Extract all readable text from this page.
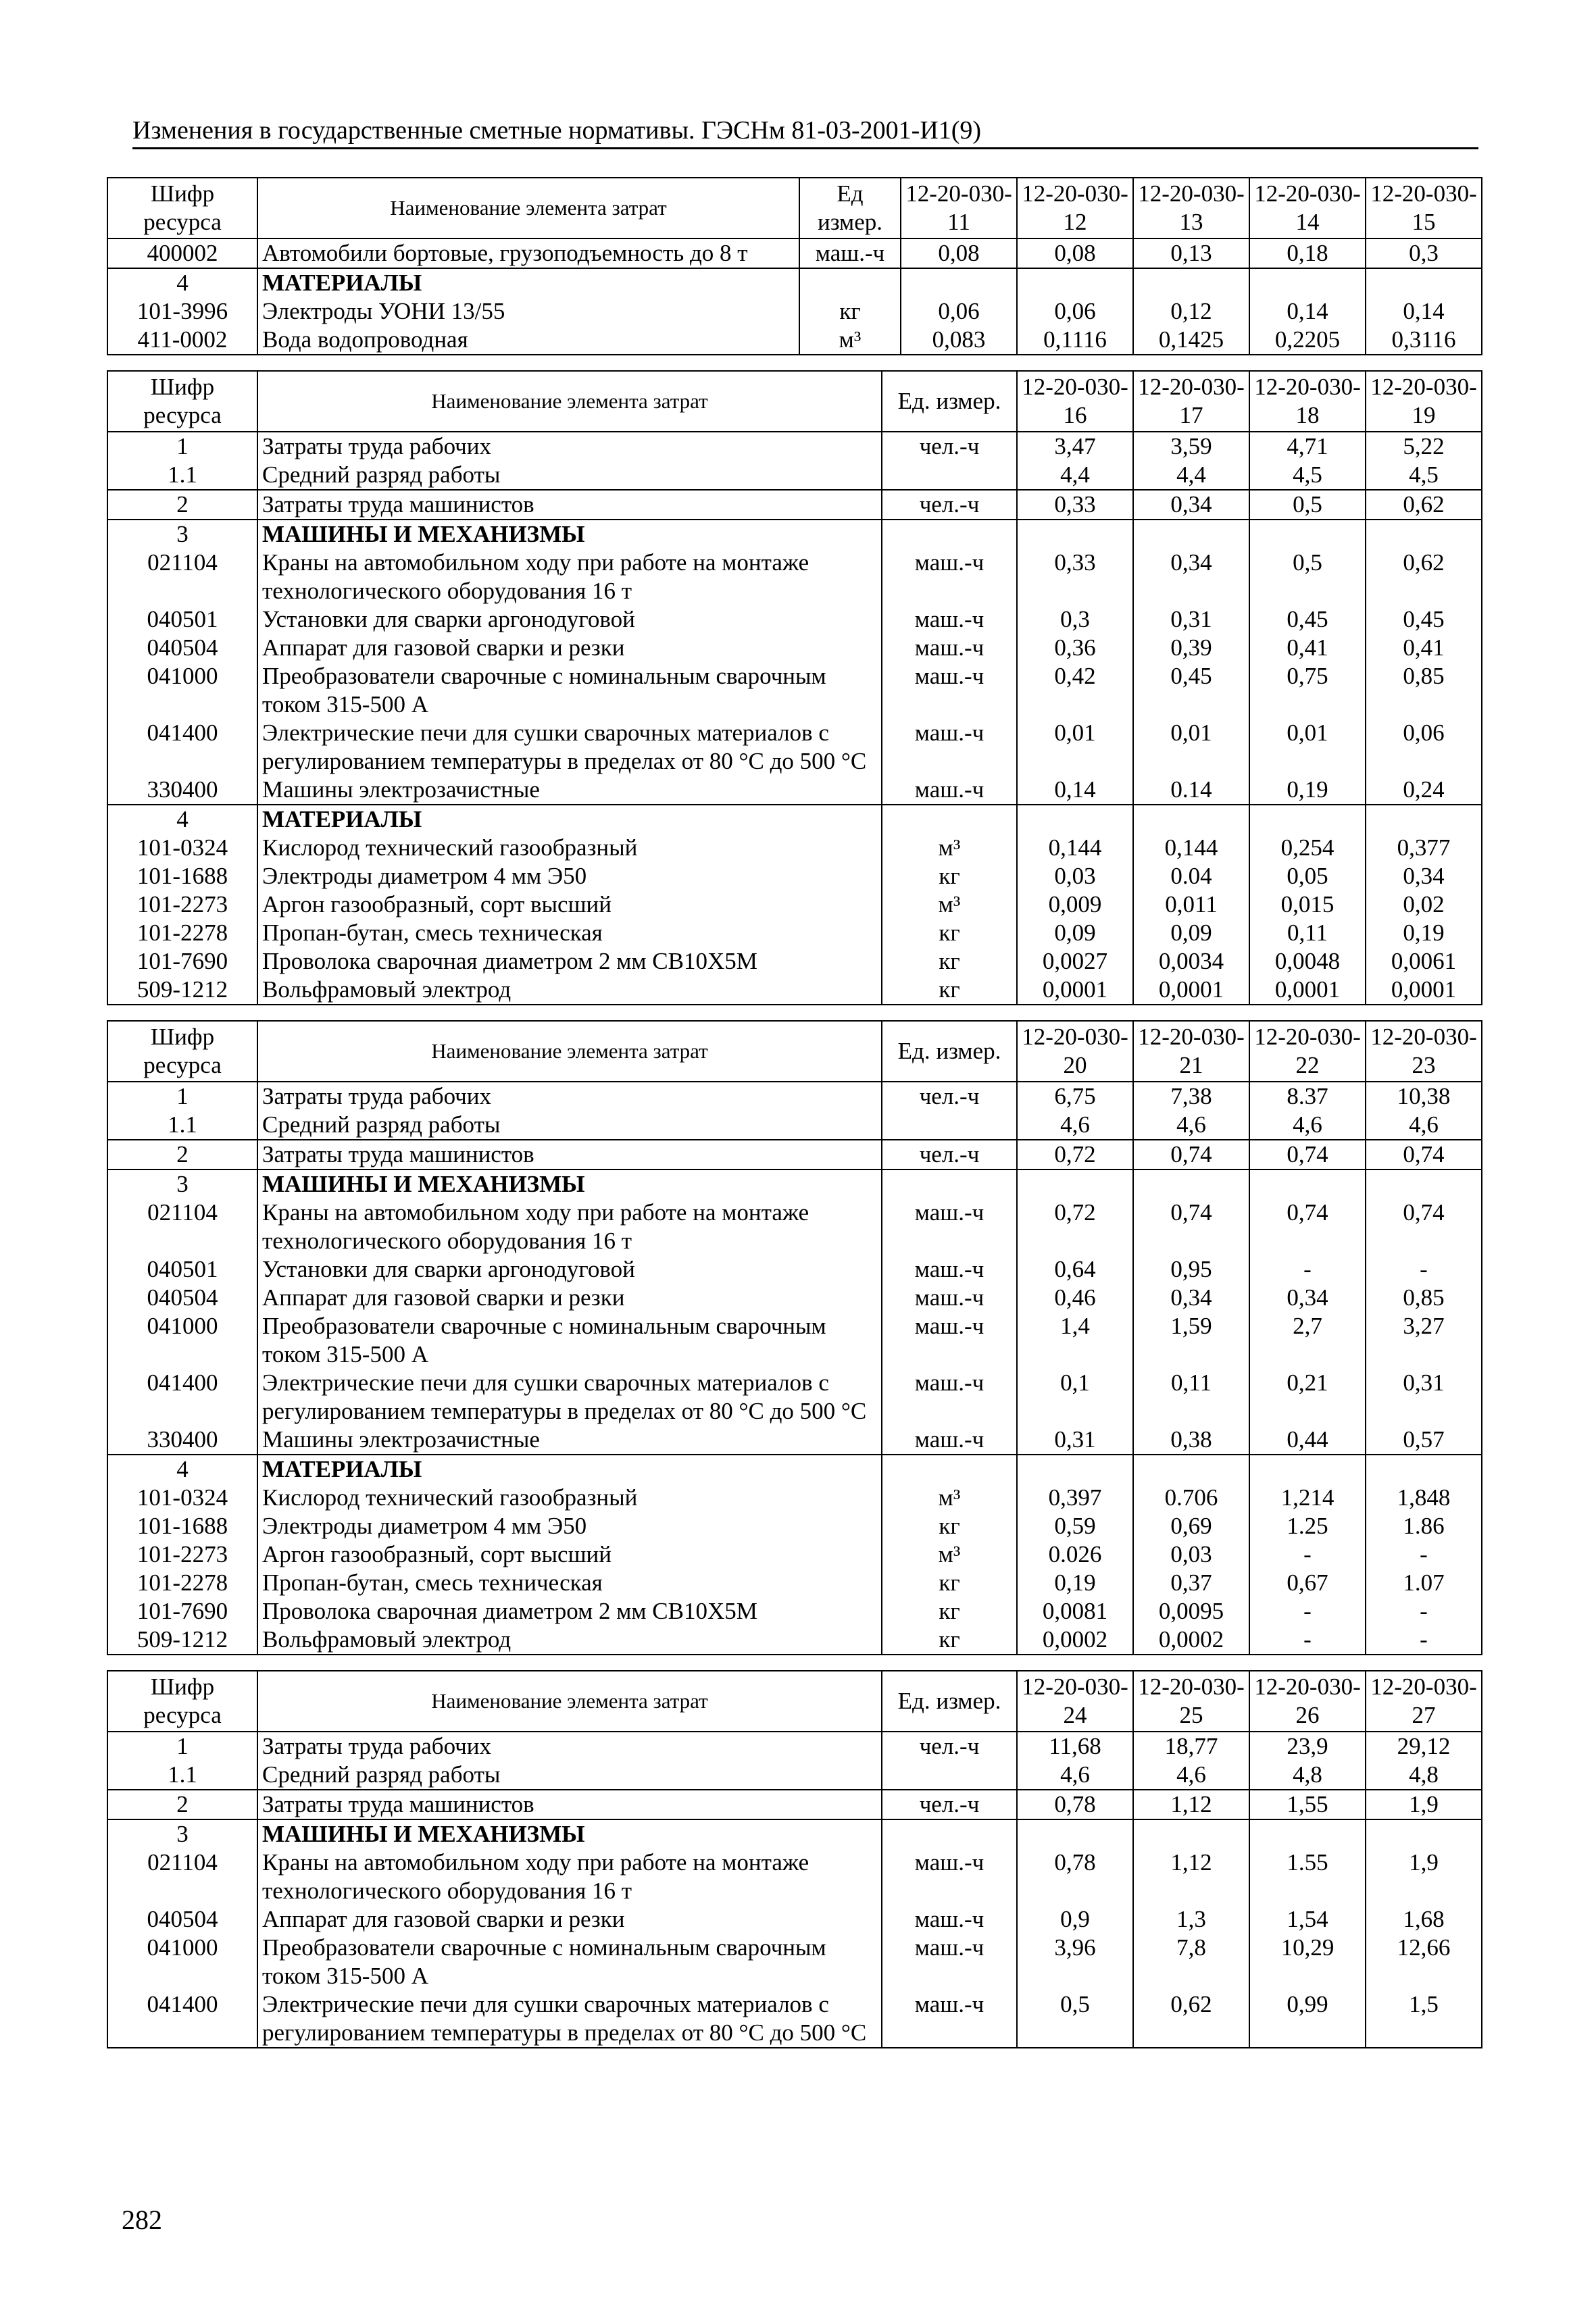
Изменения в государственные сметные нормативы. ГЭСНм 81-03-2001-И1(9)
Шифр ресурса	Наименование элемента затрат	Ед измер.	12-20-030-11	12-20-030-12	12-20-030-13	12-20-030-14	12-20-030-15
400002	Автомобили бортовые, грузоподъемность до 8 т	маш.-ч	0,08	0,08	0,13	0,18	0,3
4	МАТЕРИАЛЫ						
101-3996	Электроды УОНИ 13/55	кг	0,06	0,06	0,12	0,14	0,14
411-0002	Вода водопроводная	м³	0,083	0,1116	0,1425	0,2205	0,3116
Шифр ресурса	Наименование элемента затрат	Ед. измер.	12-20-030-16	12-20-030-17	12-20-030-18	12-20-030-19
1	Затраты труда рабочих	чел.-ч	3,47	3,59	4,71	5,22
1.1	Средний разряд работы		4,4	4,4	4,5	4,5
2	Затраты труда машинистов	чел.-ч	0,33	0,34	0,5	0,62
3	МАШИНЫ И МЕХАНИЗМЫ					
021104	Краны на автомобильном ходу при работе на монтаже технологического оборудования 16 т	маш.-ч	0,33	0,34	0,5	0,62
040501	Установки для сварки аргонодуговой	маш.-ч	0,3	0,31	0,45	0,45
040504	Аппарат для газовой сварки и резки	маш.-ч	0,36	0,39	0,41	0,41
041000	Преобразователи сварочные с номинальным сварочным током 315-500 А	маш.-ч	0,42	0,45	0,75	0,85
041400	Электрические печи для сушки сварочных материалов с регулированием температуры в пределах от 80 °С до 500 °С	маш.-ч	0,01	0,01	0,01	0,06
330400	Машины электрозачистные	маш.-ч	0,14	0.14	0,19	0,24
4	МАТЕРИАЛЫ					
101-0324	Кислород технический газообразный	м³	0,144	0,144	0,254	0,377
101-1688	Электроды диаметром 4 мм Э50	кг	0,03	0.04	0,05	0,34
101-2273	Аргон газообразный, сорт высший	м³	0,009	0,011	0,015	0,02
101-2278	Пропан-бутан, смесь техническая	кг	0,09	0,09	0,11	0,19
101-7690	Проволока сварочная диаметром 2 мм СВ10Х5М	кг	0,0027	0,0034	0,0048	0,0061
509-1212	Вольфрамовый электрод	кг	0,0001	0,0001	0,0001	0,0001
Шифр ресурса	Наименование элемента затрат	Ед. измер.	12-20-030-20	12-20-030-21	12-20-030-22	12-20-030-23
1	Затраты труда рабочих	чел.-ч	6,75	7,38	8.37	10,38
1.1	Средний разряд работы		4,6	4,6	4,6	4,6
2	Затраты труда машинистов	чел.-ч	0,72	0,74	0,74	0,74
3	МАШИНЫ И МЕХАНИЗМЫ					
021104	Краны на автомобильном ходу при работе на монтаже технологического оборудования 16 т	маш.-ч	0,72	0,74	0,74	0,74
040501	Установки для сварки аргонодуговой	маш.-ч	0,64	0,95	-	-
040504	Аппарат для газовой сварки и резки	маш.-ч	0,46	0,34	0,34	0,85
041000	Преобразователи сварочные с номинальным сварочным током 315-500 А	маш.-ч	1,4	1,59	2,7	3,27
041400	Электрические печи для сушки сварочных материалов с регулированием температуры в пределах от 80 °С до 500 °С	маш.-ч	0,1	0,11	0,21	0,31
330400	Машины электрозачистные	маш.-ч	0,31	0,38	0,44	0,57
4	МАТЕРИАЛЫ					
101-0324	Кислород технический газообразный	м³	0,397	0.706	1,214	1,848
101-1688	Электроды диаметром 4 мм Э50	кг	0,59	0,69	1.25	1.86
101-2273	Аргон газообразный, сорт высший	м³	0.026	0,03	-	-
101-2278	Пропан-бутан, смесь техническая	кг	0,19	0,37	0,67	1.07
101-7690	Проволока сварочная диаметром 2 мм СВ10Х5М	кг	0,0081	0,0095	-	-
509-1212	Вольфрамовый электрод	кг	0,0002	0,0002	-	-
Шифр ресурса	Наименование элемента затрат	Ед. измер.	12-20-030-24	12-20-030-25	12-20-030-26	12-20-030-27
1	Затраты труда рабочих	чел.-ч	11,68	18,77	23,9	29,12
1.1	Средний разряд работы		4,6	4,6	4,8	4,8
2	Затраты труда машинистов	чел.-ч	0,78	1,12	1,55	1,9
3	МАШИНЫ И МЕХАНИЗМЫ					
021104	Краны на автомобильном ходу при работе на монтаже технологического оборудования 16 т	маш.-ч	0,78	1,12	1.55	1,9
040504	Аппарат для газовой сварки и резки	маш.-ч	0,9	1,3	1,54	1,68
041000	Преобразователи сварочные с номинальным сварочным током 315-500 А	маш.-ч	3,96	7,8	10,29	12,66
041400	Электрические печи для сушки сварочных материалов с регулированием температуры в пределах от 80 °С до 500 °С	маш.-ч	0,5	0,62	0,99	1,5
282
